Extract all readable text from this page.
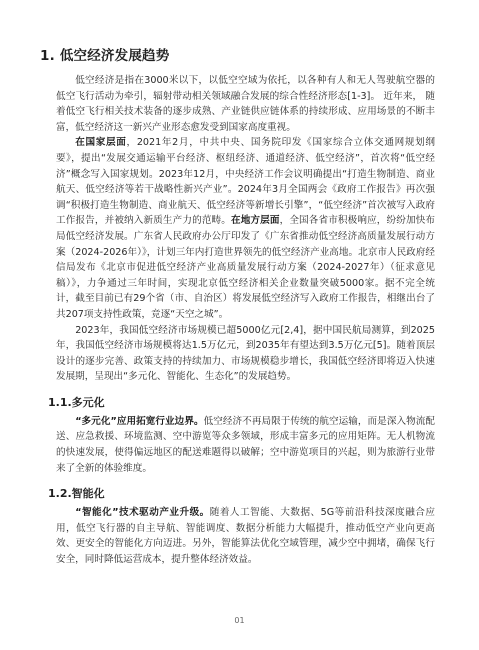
1. 低空经济发展趋势

低空经济是指在3000米以下，以低空空域为依托，以各种有人和无人驾驶航空器的低空飞行活动为牵引，辐射带动相关领域融合发展的综合性经济形态[1-3]。 近年来， 随着低空飞行相关技术装备的逐步成熟、产业链供应链体系的持续形成、应用场景的不断丰富，低空经济这一新兴产业形态愈发受到国家高度重视。

在国家层面，2021年2月，中共中央、国务院印发《国家综合立体交通网规划纲要》，提出“发展交通运输平台经济、枢纽经济、通道经济、低空经济”，首次将“低空经济”概念写入国家规划。2023年12月，中央经济工作会议明确提出“打造生物制造、商业航天、低空经济等若干战略性新兴产业”。2024年3月全国两会《政府工作报告》再次强调“积极打造生物制造、商业航天、低空经济等新增长引擎”，“低空经济”首次被写入政府工作报告，并被纳入新质生产力的范畴。在地方层面，全国各省市积极响应，纷纷加快布局低空经济发展。广东省人民政府办公厅印发了《广东省推动低空经济高质量发展行动方案（2024-2026年）》，计划三年内打造世界领先的低空经济产业高地。北京市人民政府经信局发布《北京市促进低空经济产业高质量发展行动方案（2024-2027年）（征求意见稿）》，力争通过三年时间，实现北京低空经济相关企业数量突破5000家。据不完全统计，截至目前已有29个省（市、自治区）将发展低空经济写入政府工作报告，相继出台了共207项支持性政策，竞逐“天空之城”。

2023年，我国低空经济市场规模已超5000亿元[2,4]，据中国民航局测算，到2025年，我国低空经济市场规模将达1.5万亿元，到2035年有望达到3.5万亿元[5]。随着顶层设计的逐步完善、政策支持的持续加力、市场规模稳步增长，我国低空经济即将迈入快速发展期，呈现出“多元化、智能化、生态化”的发展趋势。

1.1.多元化

“多元化”应用拓宽行业边界。低空经济不再局限于传统的航空运输，而是深入物流配送、应急救援、环境监测、空中游览等众多领域，形成丰富多元的应用矩阵。无人机物流的快速发展，使得偏远地区的配送难题得以破解；空中游览项目的兴起，则为旅游行业带来了全新的体验维度。

1.2.智能化

“智能化”技术驱动产业升级。随着人工智能、大数据、5G等前沿科技深度融合应用，低空飞行器的自主导航、智能调度、数据分析能力大幅提升，推动低空产业向更高效、更安全的智能化方向迈进。另外，智能算法优化空域管理，减少空中拥堵，确保飞行安全，同时降低运营成本，提升整体经济效益。

01
